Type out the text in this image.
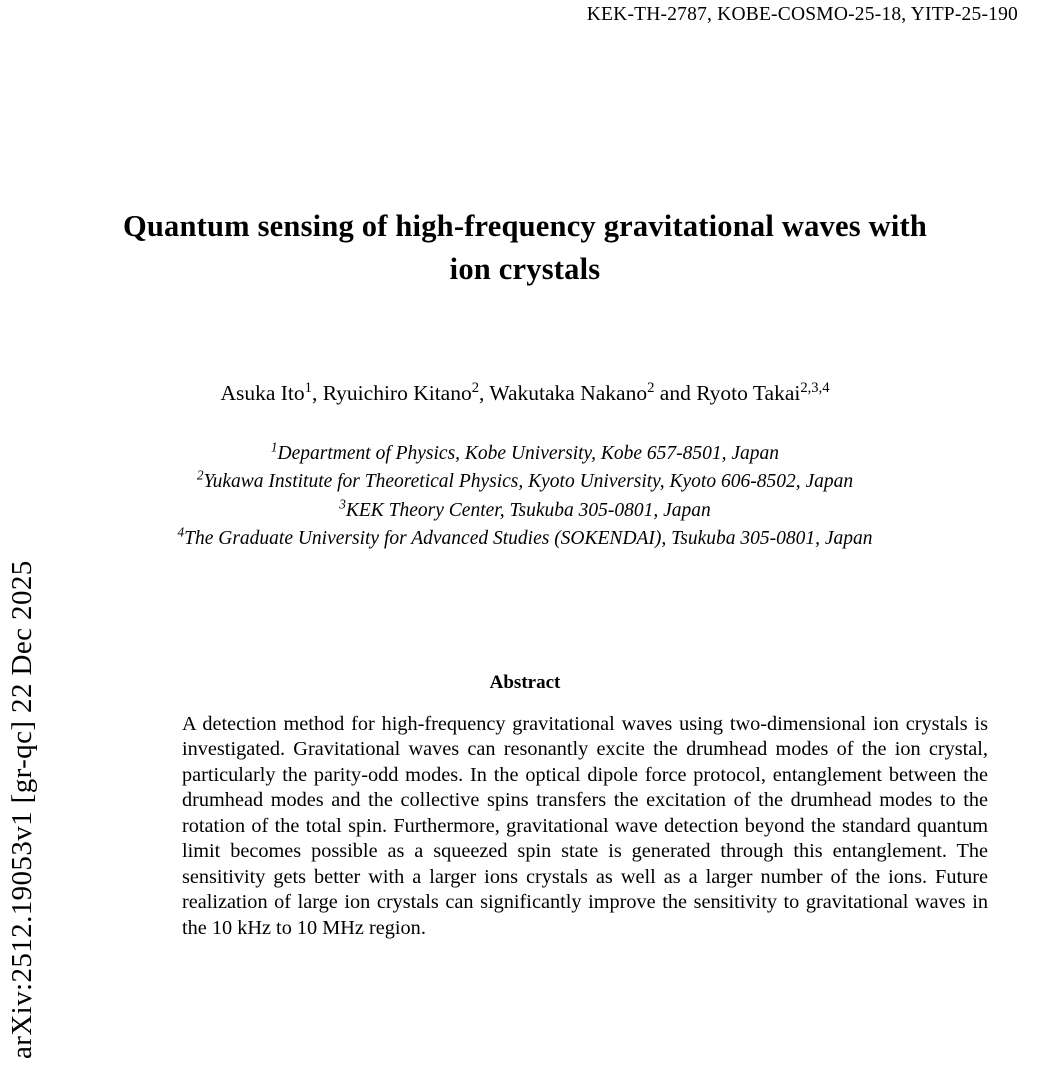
arXiv:2512.19053v1 [gr-qc] 22 Dec 2025
KEK-TH-2787, KOBE-COSMO-25-18, YITP-25-190
Quantum sensing of high-frequency gravitational waves with ion crystals
Asuka Ito$^1$, Ryuichiro Kitano$^2$, Wakutaka Nakano$^2$ and Ryoto Takai$^{2,3,4}$
$^1$Department of Physics, Kobe University, Kobe 657-8501, Japan
$^2$Yukawa Institute for Theoretical Physics, Kyoto University, Kyoto 606-8502, Japan
$^3$KEK Theory Center, Tsukuba 305-0801, Japan
$^4$The Graduate University for Advanced Studies (SOKENDAI), Tsukuba 305-0801, Japan
Abstract
A detection method for high-frequency gravitational waves using two-dimensional ion crystals is investigated. Gravitational waves can resonantly excite the drumhead modes of the ion crystal, particularly the parity-odd modes. In the optical dipole force protocol, entanglement between the drumhead modes and the collective spins transfers the excitation of the drumhead modes to the rotation of the total spin. Furthermore, gravitational wave detection beyond the standard quantum limit becomes possible as a squeezed spin state is generated through this entanglement. The sensitivity gets better with a larger ions crystals as well as a larger number of the ions. Future realization of large ion crystals can significantly improve the sensitivity to gravitational waves in the 10 kHz to 10 MHz region.
